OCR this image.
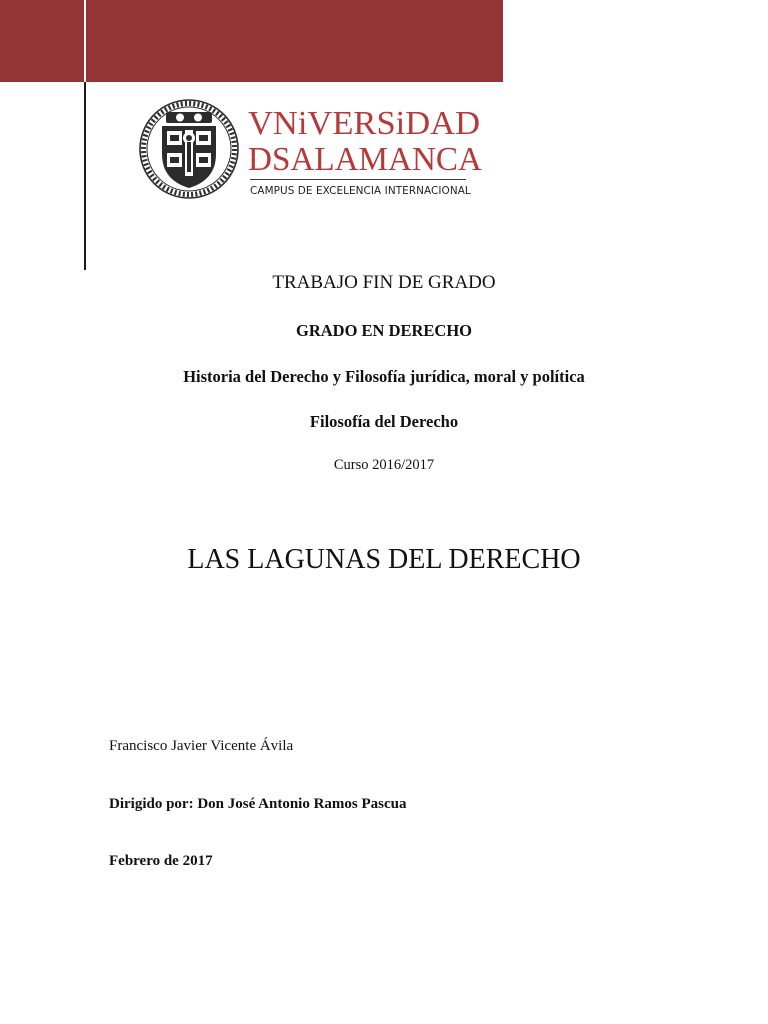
VNiVERSiDAD
DSALAMANCA
CAMPUS DE EXCELENCIA INTERNACIONAL
TRABAJO FIN DE GRADO
GRADO EN DERECHO
Historia del Derecho y Filosofía jurídica, moral y política
Filosofía del Derecho
Curso 2016/2017
LAS LAGUNAS DEL DERECHO
Francisco Javier Vicente Ávila
Dirigido por: Don José Antonio Ramos Pascua
Febrero de 2017
